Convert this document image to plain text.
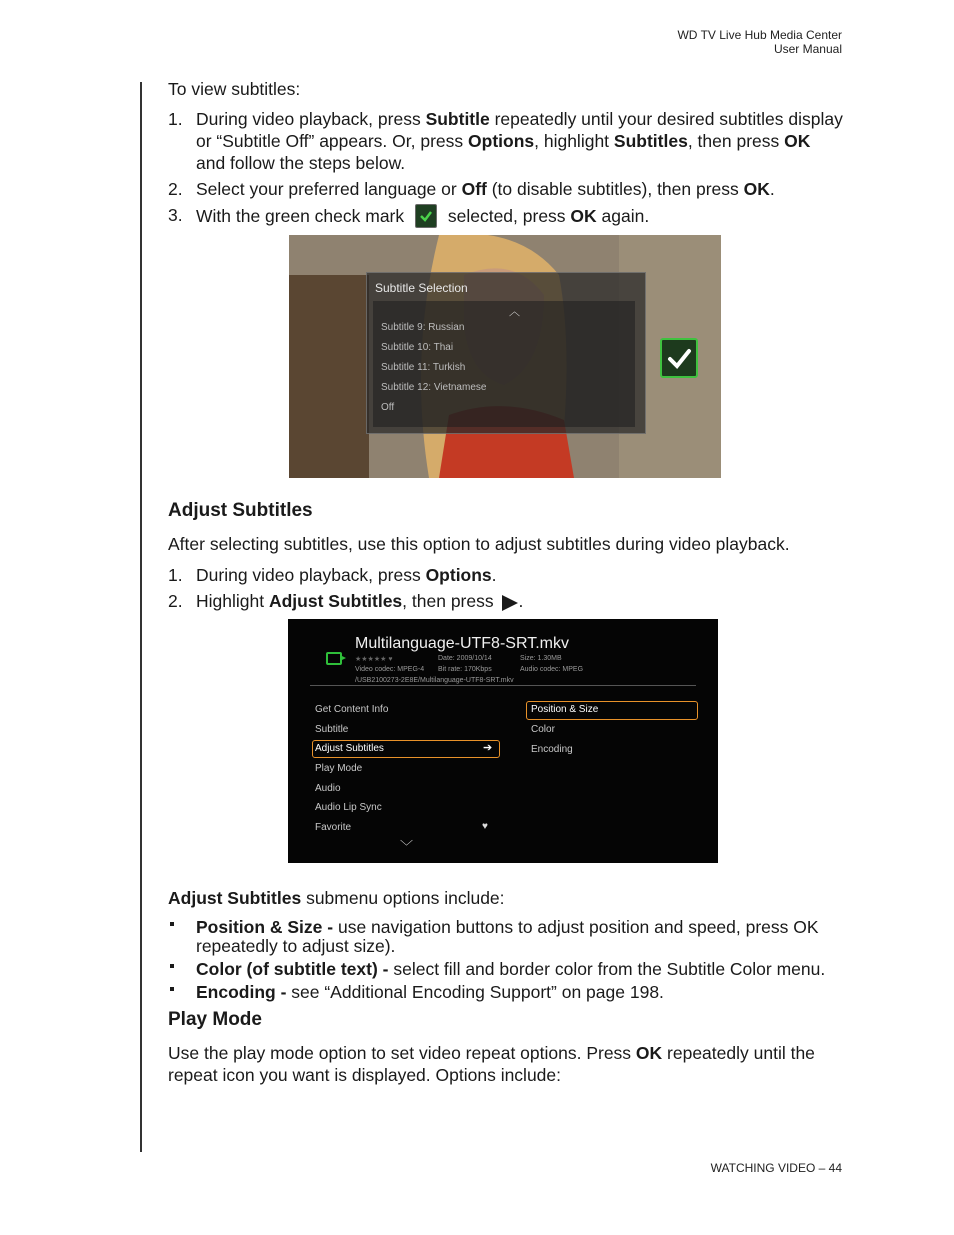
WD TV Live Hub Media Center
User Manual

To view subtitles:

1. During video playback, press Subtitle repeatedly until your desired subtitles display or “Subtitle Off” appears. Or, press Options, highlight Subtitles, then press OK and follow the steps below.
2. Select your preferred language or Off (to disable subtitles), then press OK.
3. With the green check mark
selected, press OK again.
Adjust Subtitles

After selecting subtitles, use this option to adjust subtitles during video playback.

1. During video playback, press Options.
2. Highlight Adjust Subtitles, then press .

Adjust Subtitles submenu options include:

Position & Size - use navigation buttons to adjust position and speed, press OK repeatedly to adjust size).
Color (of subtitle text) - select fill and border color from the Subtitle Color menu.
Encoding - see “Additional Encoding Support” on page 198.
Play Mode

Use the play mode option to set video repeat options. Press OK repeatedly until the repeat icon you want is displayed. Options include:

Subtitle Selection
︿
Subtitle 9: Russian
Subtitle 10: Thai
Subtitle 11: Turkish
Subtitle 12: Vietnamese
Off
Multilanguage-UTF8-SRT.mkv
★★★★★ ♥	Date: 2009/10/14	Size: 1.30MB
Video codec: MPEG-4 Bit rate: 170Kbps	Audio codec: MPEG
/USB2100273-2E8E/Multilanguage-UTF8-SRT.mkv
Get Content Info
Subtitle
Adjust Subtitles	➔
Play Mode
Audio
Audio Lip Sync
Favorite	♥
﹀
Position & Size
Color
Encoding
WATCHING VIDEO – 44
